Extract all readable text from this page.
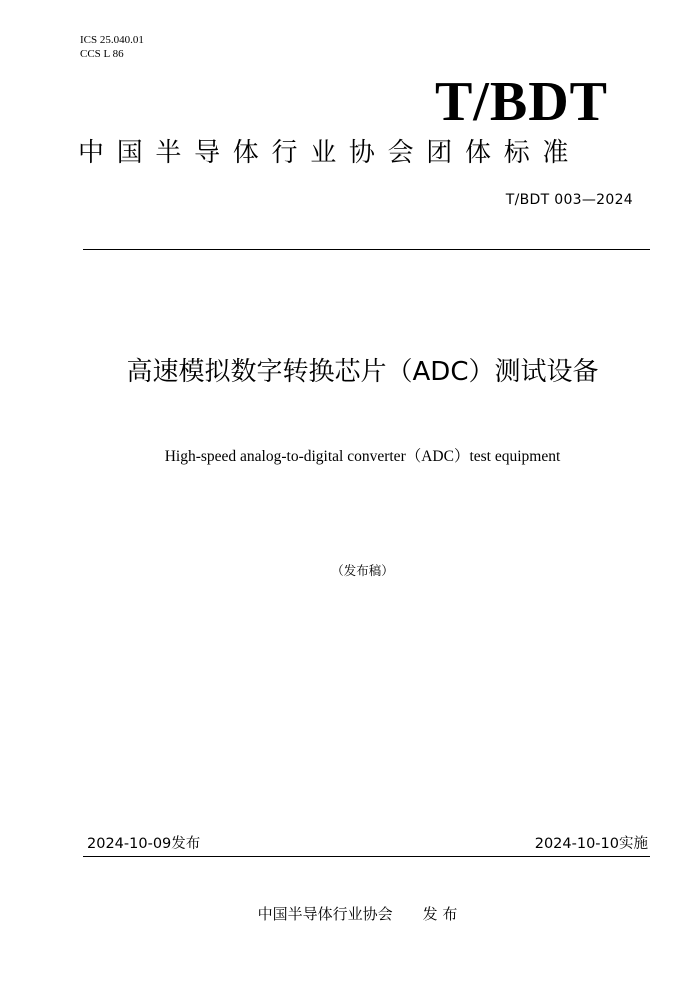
ICS 25.040.01
CCS L 86
T/BDT
中国半导体行业协会团体标准
T/BDT 003—2024
高速模拟数字转换芯片（ADC）测试设备
High-speed analog-to-digital converter（ADC）test equipment
（发布稿）
2024-10-09发布	2024-10-10实施
中国半导体行业协会 发 布
